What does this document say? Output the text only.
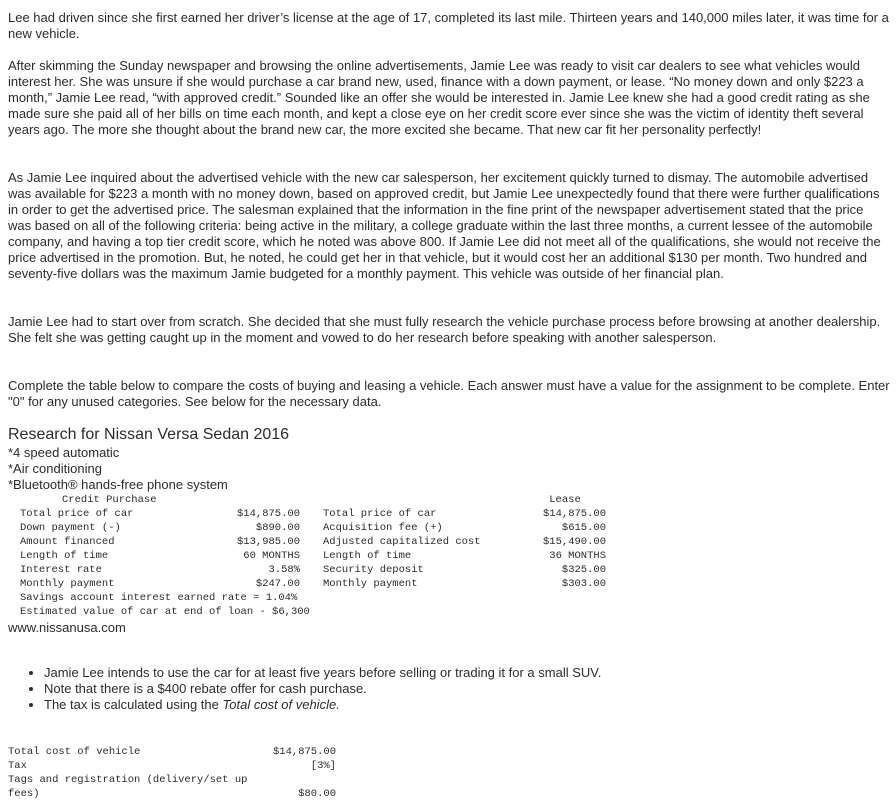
Lee had driven since she first earned her driver’s license at the age of 17, completed its last mile. Thirteen years and 140,000 miles later, it was time for a new vehicle.

After skimming the Sunday newspaper and browsing the online advertisements, Jamie Lee was ready to visit car dealers to see what vehicles would interest her. She was unsure if she would purchase a car brand new, used, finance with a down payment, or lease. “No money down and only $223 a month,” Jamie Lee read, “with approved credit.” Sounded like an offer she would be interested in. Jamie Lee knew she had a good credit rating as she made sure she paid all of her bills on time each month, and kept a close eye on her credit score ever since she was the victim of identity theft several years ago. The more she thought about the brand new car, the more excited she became. That new car fit her personality perfectly!

As Jamie Lee inquired about the advertised vehicle with the new car salesperson, her excitement quickly turned to dismay. The automobile advertised was available for $223 a month with no money down, based on approved credit, but Jamie Lee unexpectedly found that there were further qualifications in order to get the advertised price. The salesman explained that the information in the fine print of the newspaper advertisement stated that the price was based on all of the following criteria: being active in the military, a college graduate within the last three months, a current lessee of the automobile company, and having a top tier credit score, which he noted was above 800. If Jamie Lee did not meet all of the qualifications, she would not receive the price advertised in the promotion. But, he noted, he could get her in that vehicle, but it would cost her an additional $130 per month. Two hundred and seventy-five dollars was the maximum Jamie budgeted for a monthly payment. This vehicle was outside of her financial plan.

Jamie Lee had to start over from scratch. She decided that she must fully research the vehicle purchase process before browsing at another dealership. She felt she was getting caught up in the moment and vowed to do her research before speaking with another salesperson.

Complete the table below to compare the costs of buying and leasing a vehicle. Each answer must have a value for the assignment to be complete. Enter "0" for any unused categories. See below for the necessary data.

Research for Nissan Versa Sedan 2016
*4 speed automatic
*Air conditioning
*Bluetooth® hands-free phone system
Credit Purchase	Lease
Total price of car	$14,875.00
Down payment (-)	$890.00
Amount financed	$13,985.00
Length of time	60 MONTHS
Interest rate	3.58%
Monthly payment	$247.00
Total price of car	$14,875.00
Acquisition fee (+)	$615.00
Adjusted capitalized cost	$15,490.00
Length of time	36 MONTHS
Security deposit	$325.00
Monthly payment	$303.00
Savings account interest earned rate = 1.04%
Estimated value of car at end of loan - $6,300
www.nissanusa.com
• Jamie Lee intends to use the car for at least five years before selling or trading it for a small SUV.
• Note that there is a $400 rebate offer for cash purchase.
• The tax is calculated using the Total cost of vehicle.
Total cost of vehicle	$14,875.00
Tax	[3%]
Tags and registration (delivery/set up
fees)	$80.00
